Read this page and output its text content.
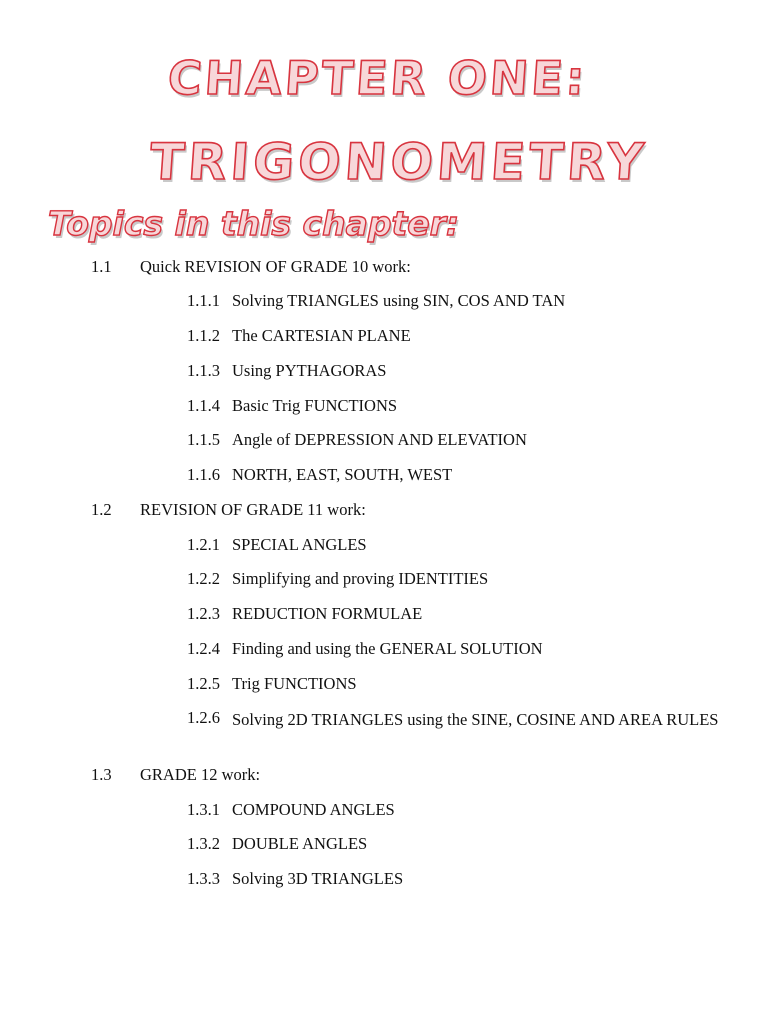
CHAPTER ONE:
TRIGONOMETRY
Topics in this chapter:
1.1 Quick REVISION OF GRADE 10 work:
1.1.1 Solving TRIANGLES using SIN, COS AND TAN
1.1.2 The CARTESIAN PLANE
1.1.3 Using PYTHAGORAS
1.1.4 Basic Trig FUNCTIONS
1.1.5 Angle of DEPRESSION AND ELEVATION
1.1.6 NORTH, EAST, SOUTH, WEST
1.2 REVISION OF GRADE 11 work:
1.2.1 SPECIAL ANGLES
1.2.2 Simplifying and proving IDENTITIES
1.2.3 REDUCTION FORMULAE
1.2.4 Finding and using the GENERAL SOLUTION
1.2.5 Trig FUNCTIONS
1.2.6 Solving 2D TRIANGLES using the SINE, COSINE AND AREA RULES
1.3 GRADE 12 work:
1.3.1 COMPOUND ANGLES
1.3.2 DOUBLE ANGLES
1.3.3 Solving 3D TRIANGLES
